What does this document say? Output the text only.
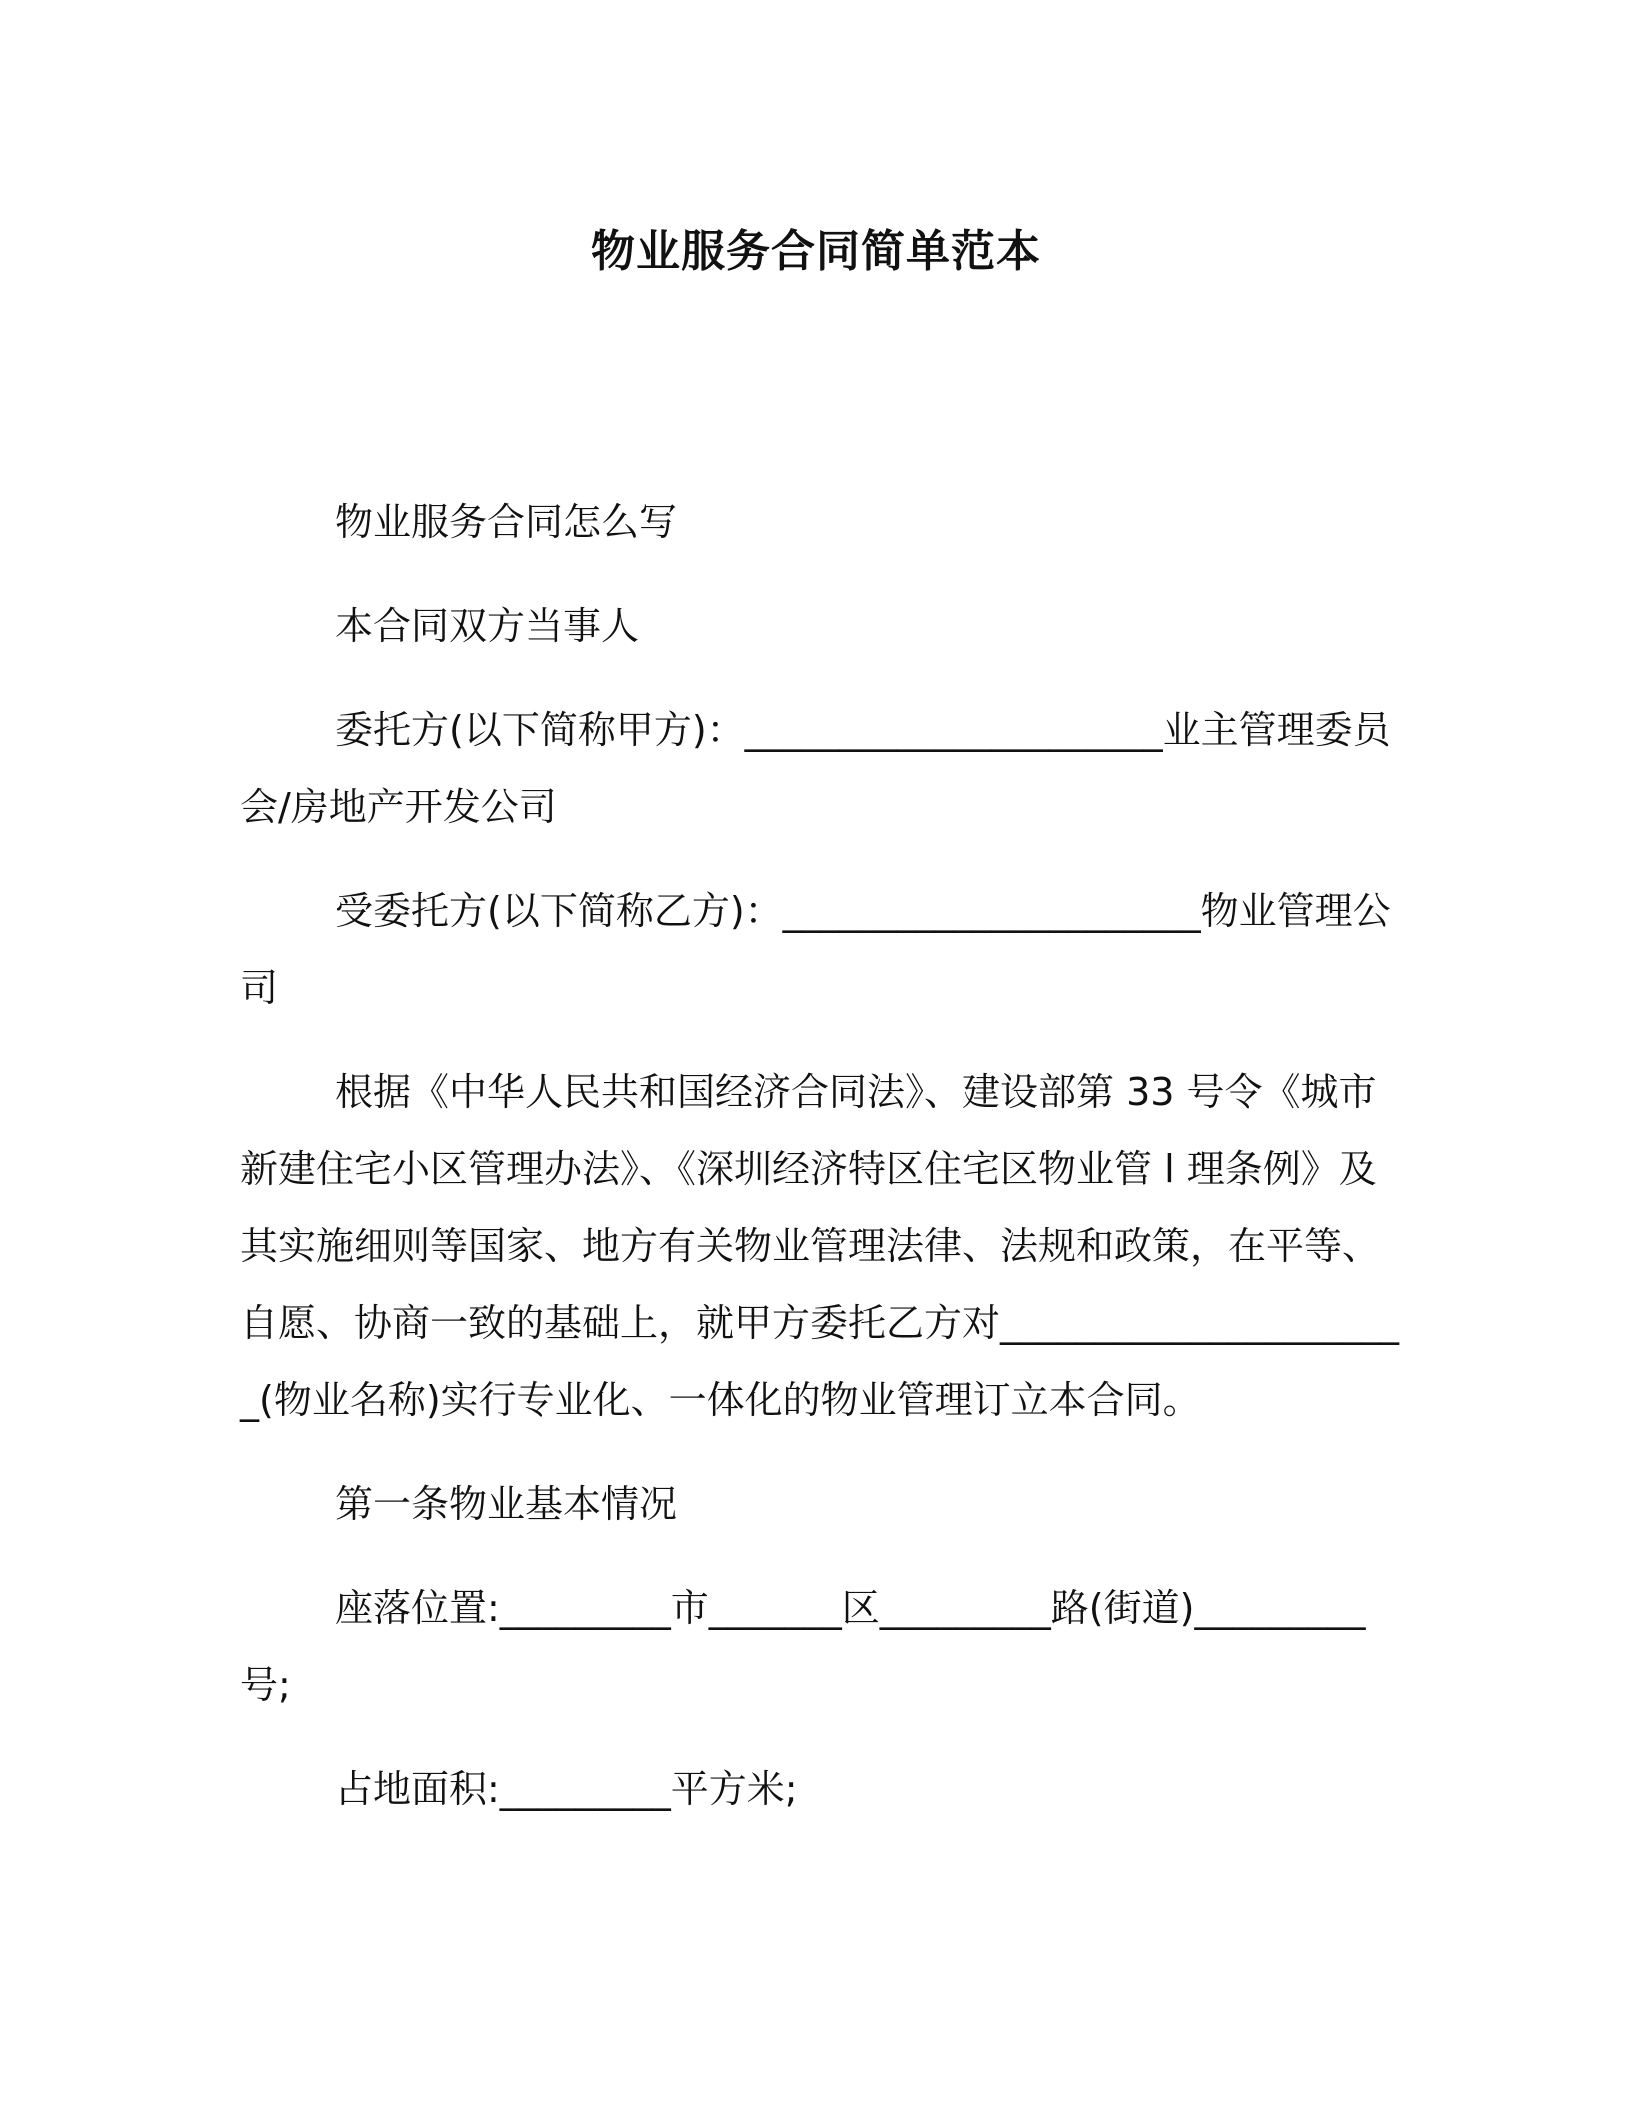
物业服务合同简单范本

物业服务合同怎么写

本合同双方当事人

委托方(以下简称甲方)：______________________业主管理委员会/房地产开发公司

受委托方(以下简称乙方)：______________________物业管理公司

根据《中华人民共和国经济合同法》、建设部第 33 号令《城市新建住宅小区管理办法》、《深圳经济特区住宅区物业管 l 理条例》及其实施细则等国家、地方有关物业管理法律、法规和政策，在平等、自愿、协商一致的基础上，就甲方委托乙方对______________________(物业名称)实行专业化、一体化的物业管理订立本合同。

第一条物业基本情况

座落位置:_________市_______区_________路(街道)_________号;

占地面积:_________平方米;
